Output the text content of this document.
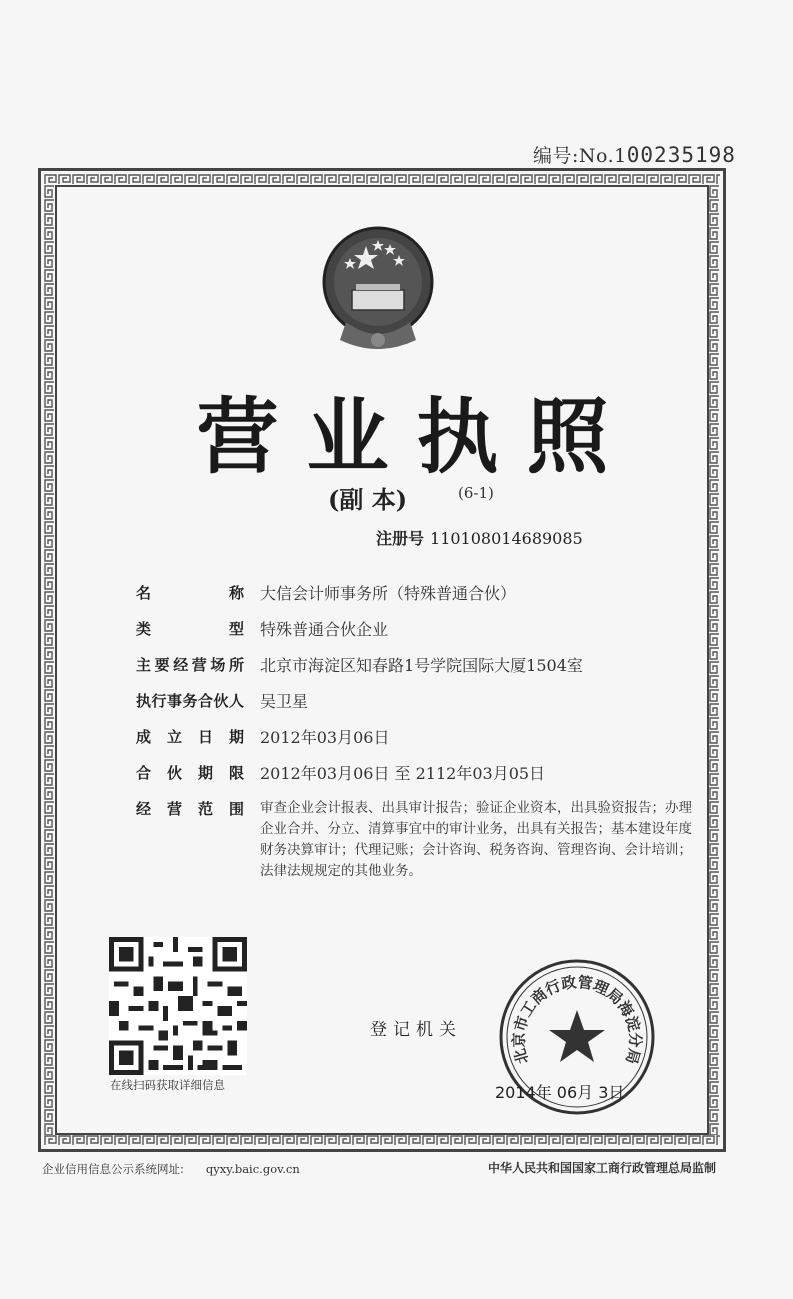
编号:No.100235198
营业执照
(副 本)	(6-1)
注册号 110108014689085
名称 大信会计师事务所（特殊普通合伙）
类型 特殊普通合伙企业
主要经营场所 北京市海淀区知春路1号学院国际大厦1504室
执行事务合伙人 吴卫星
成立日期 2012年03月06日
合伙期限 2012年03月06日 至 2112年03月05日
经营范围 审查企业会计报表、出具审计报告；验证企业资本，出具验资报告；办理企业合并、分立、清算事宜中的审计业务，出具有关报告；基本建设年度财务决算审计；代理记账；会计咨询、税务咨询、管理咨询、会计培训；法律法规规定的其他业务。
在线扫码获取详细信息
登记机关
北京市工商行政管理局海淀分局
2014年 06月 3日
企业信用信息公示系统网址: qyxy.baic.gov.cn	中华人民共和国国家工商行政管理总局监制
